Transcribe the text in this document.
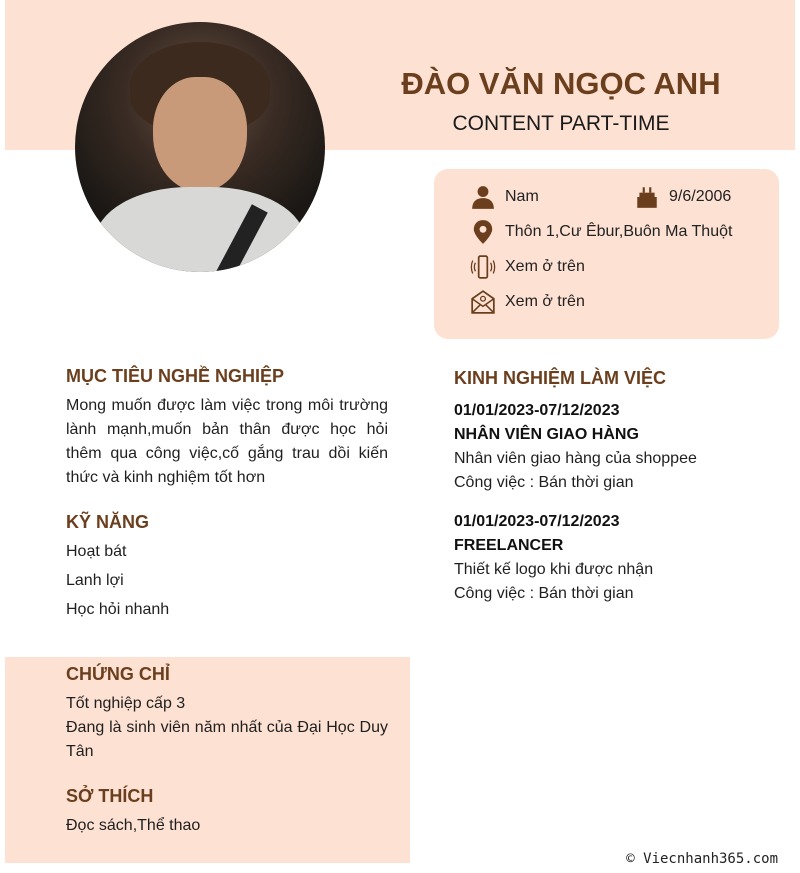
ĐÀO VĂN NGỌC ANH
CONTENT PART-TIME
Nam	9/6/2006
Thôn 1,Cư Êbur,Buôn Ma Thuột
Xem ở trên
Xem ở trên
MỤC TIÊU NGHỀ NGHIỆP
Mong muốn được làm việc trong môi trường lành mạnh,muốn bản thân được học hỏi thêm qua công việc,cố gắng trau dồi kiến thức và kinh nghiệm tốt hơn
KỸ NĂNG
Hoạt bát
Lanh lợi
Học hỏi nhanh
CHỨNG CHỈ
Tốt nghiệp cấp 3
Đang là sinh viên năm nhất của Đại Học Duy Tân
SỞ THÍCH
Đọc sách,Thể thao
KINH NGHIỆM LÀM VIỆC
01/01/2023-07/12/2023
NHÂN VIÊN GIAO HÀNG
Nhân viên giao hàng của shoppee
Công việc : Bán thời gian
01/01/2023-07/12/2023
FREELANCER
Thiết kế logo khi được nhận
Công việc : Bán thời gian
© Viecnhanh365.com
